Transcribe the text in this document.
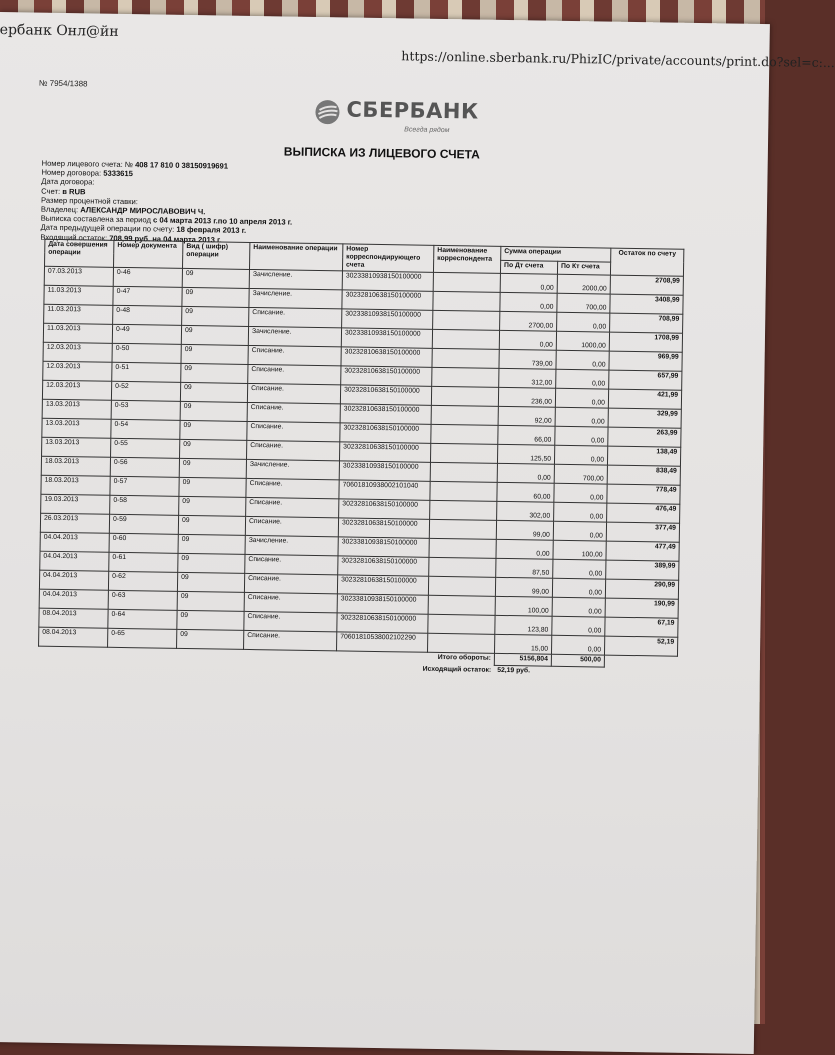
ербанк Онл@йн
https://online.sberbank.ru/PhizIC/private/accounts/print.do?sel=c:...
№ 7954/1388
СБЕРБАНК
Всегда рядом
ВЫПИСКА ИЗ ЛИЦЕВОГО СЧЕТА
Номер лицевого счета: № 408 17 810 0 38150919691
Номер договора: 5333615
Дата договора:
Счет: в RUB
Размер процентной ставки:
Владелец: АЛЕКСАНДР МИРОСЛАВОВИЧ Ч.
Выписка составлена за период с 04 марта 2013 г.по 10 апреля 2013 г.
Дата предыдущей операции по счету: 18 февраля 2013 г.
Входящий остаток: 708,99 руб. на 04 марта 2013 г.
Дата совершения операции	Номер документа	Вид ( шифр) операции	Наименование операции	Номер корреспондирующего счета	Наименование корреспондента	Сумма операции		Остаток по счету
						По Дт счета	По Кт счета	
07.03.2013	0-46	09	Зачисление.	30233810938150100000		0,00	2000,00	2708,99
11.03.2013	0-47	09	Зачисление.	30232810638150100000		0,00	700,00	3408,99
11.03.2013	0-48	09	Списание.	30233810938150100000		2700,00	0,00	708,99
11.03.2013	0-49	09	Зачисление.	30233810938150100000		0,00	1000,00	1708,99
12.03.2013	0-50	09	Списание.	30232810638150100000		739,00	0,00	969,99
12.03.2013	0-51	09	Списание.	30232810638150100000		312,00	0,00	657,99
12.03.2013	0-52	09	Списание.	30232810638150100000		236,00	0,00	421,99
13.03.2013	0-53	09	Списание.	30232810638150100000		92,00	0,00	329,99
13.03.2013	0-54	09	Списание.	30232810638150100000		66,00	0,00	263,99
13.03.2013	0-55	09	Списание.	30232810638150100000		125,50	0,00	138,49
18.03.2013	0-56	09	Зачисление.	30233810938150100000		0,00	700,00	838,49
18.03.2013	0-57	09	Списание.	70601810938002101040		60,00	0,00	778,49
19.03.2013	0-58	09	Списание.	30232810638150100000		302,00	0,00	476,49
26.03.2013	0-59	09	Списание.	30232810638150100000		99,00	0,00	377,49
04.04.2013	0-60	09	Зачисление.	30233810938150100000		0,00	100,00	477,49
04.04.2013	0-61	09	Списание.	30232810638150100000		87,50	0,00	389,99
04.04.2013	0-62	09	Списание.	30232810638150100000		99,00	0,00	290,99
04.04.2013	0-63	09	Списание.	30233810938150100000		100,00	0,00	190,99
08.04.2013	0-64	09	Списание.	30232810638150100000		123,80	0,00	67,19
08.04.2013	0-65	09	Списание.	70601810538002102290		15,00	0,00	52,19
Итого обороты:						5156,804	500,00	
Исходящий остаток:						52,19 руб.		
